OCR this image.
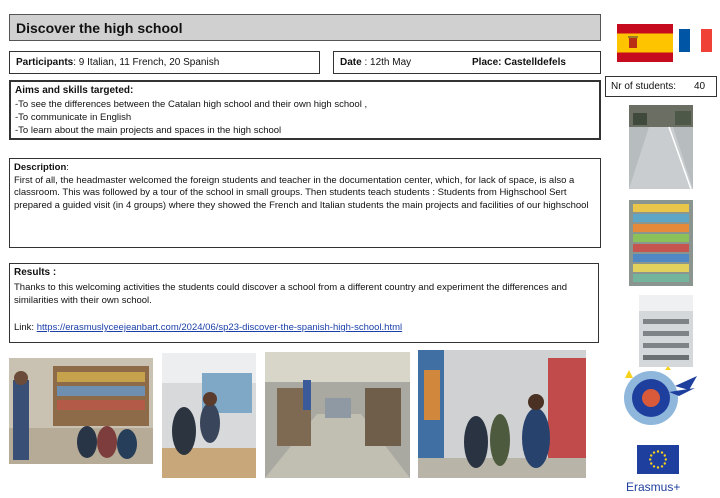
Discover the high school
Participants: 9 Italian, 11 French, 20 Spanish	Date : 12th May	Place: Castelldefels
Aims and skills targeted:
-To see the differences between the Catalan high school and their own high school ,
-To communicate in English
-To learn about the main projects and spaces in the high school
Description:
First of all, the headmaster welcomed the foreign students and teacher in the documentation center, which, for lack of space, is also a classroom. This was followed by a tour of the school in small groups. Then students teach students : Students from Highschool Sert prepared a guided visit (in 4 groups) where they showed the French and Italian students the main projects and facilities of our highschool
Results :
Thanks to this welcoming activities the students could discover a school from a different country and experiment the differences and similarities with their own school.
Link: https://erasmuslyceejeanbart.com/2024/06/sp23-discover-the-spanish-high-school.html
Nr of students: 40
Erasmus+
